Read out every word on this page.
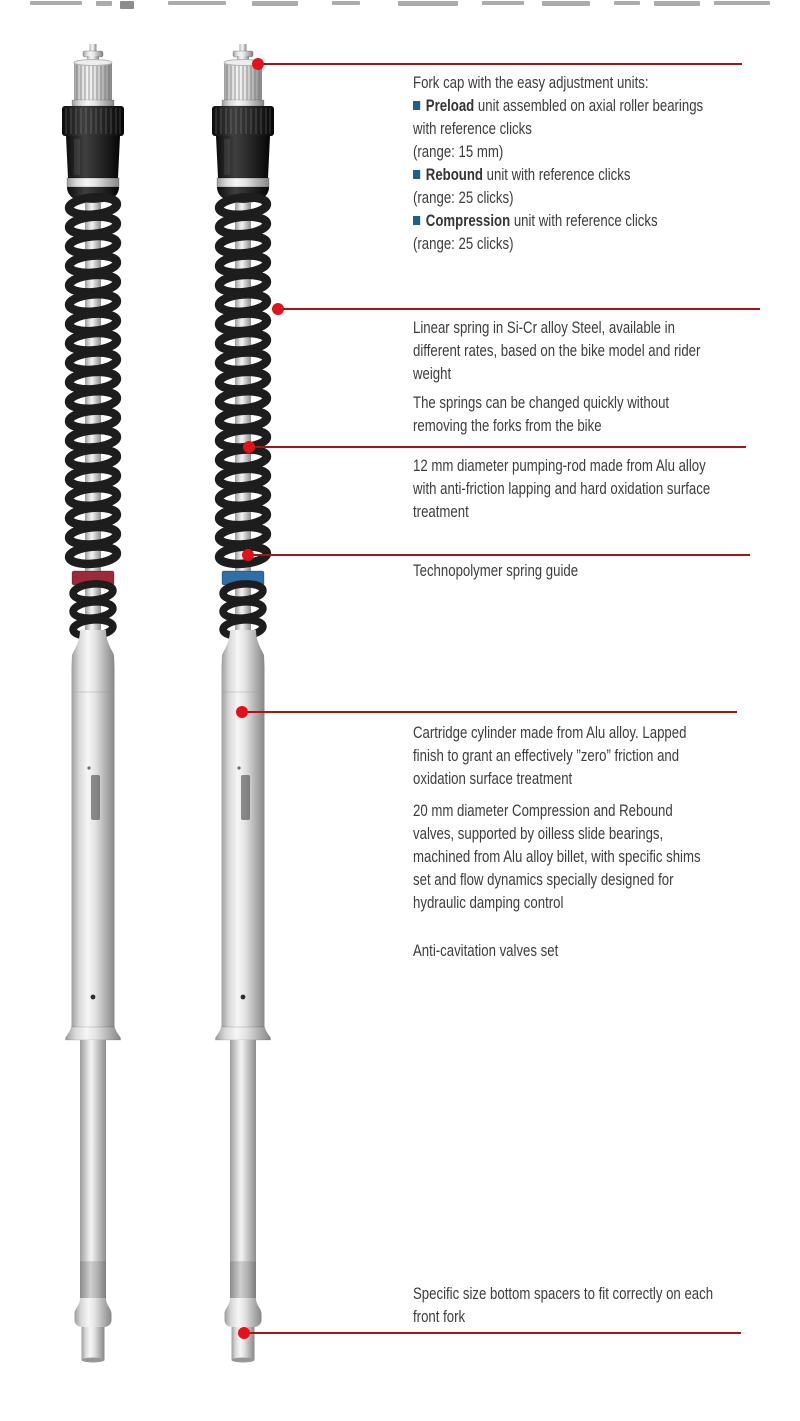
Fork cap with the easy adjustment units:
Preload unit assembled on axial roller bearings with reference clicks
(range: 15 mm)
Rebound unit with reference clicks
(range: 25 clicks)
Compression unit with reference clicks
(range: 25 clicks)
Linear spring in Si-Cr alloy Steel, available in different rates, based on the bike model and rider weight
The springs can be changed quickly without removing the forks from the bike
12 mm diameter pumping-rod made from Alu alloy with anti-friction lapping and hard oxidation surface treatment
Technopolymer spring guide
Cartridge cylinder made from Alu alloy. Lapped finish to grant an effectively ”zero” friction and oxidation surface treatment
20 mm diameter Compression and Rebound valves, supported by oilless slide bearings, machined from Alu alloy billet, with specific shims set and flow dynamics specially designed for hydraulic damping control
Anti-cavitation valves set
Specific size bottom spacers to fit correctly on each front fork
